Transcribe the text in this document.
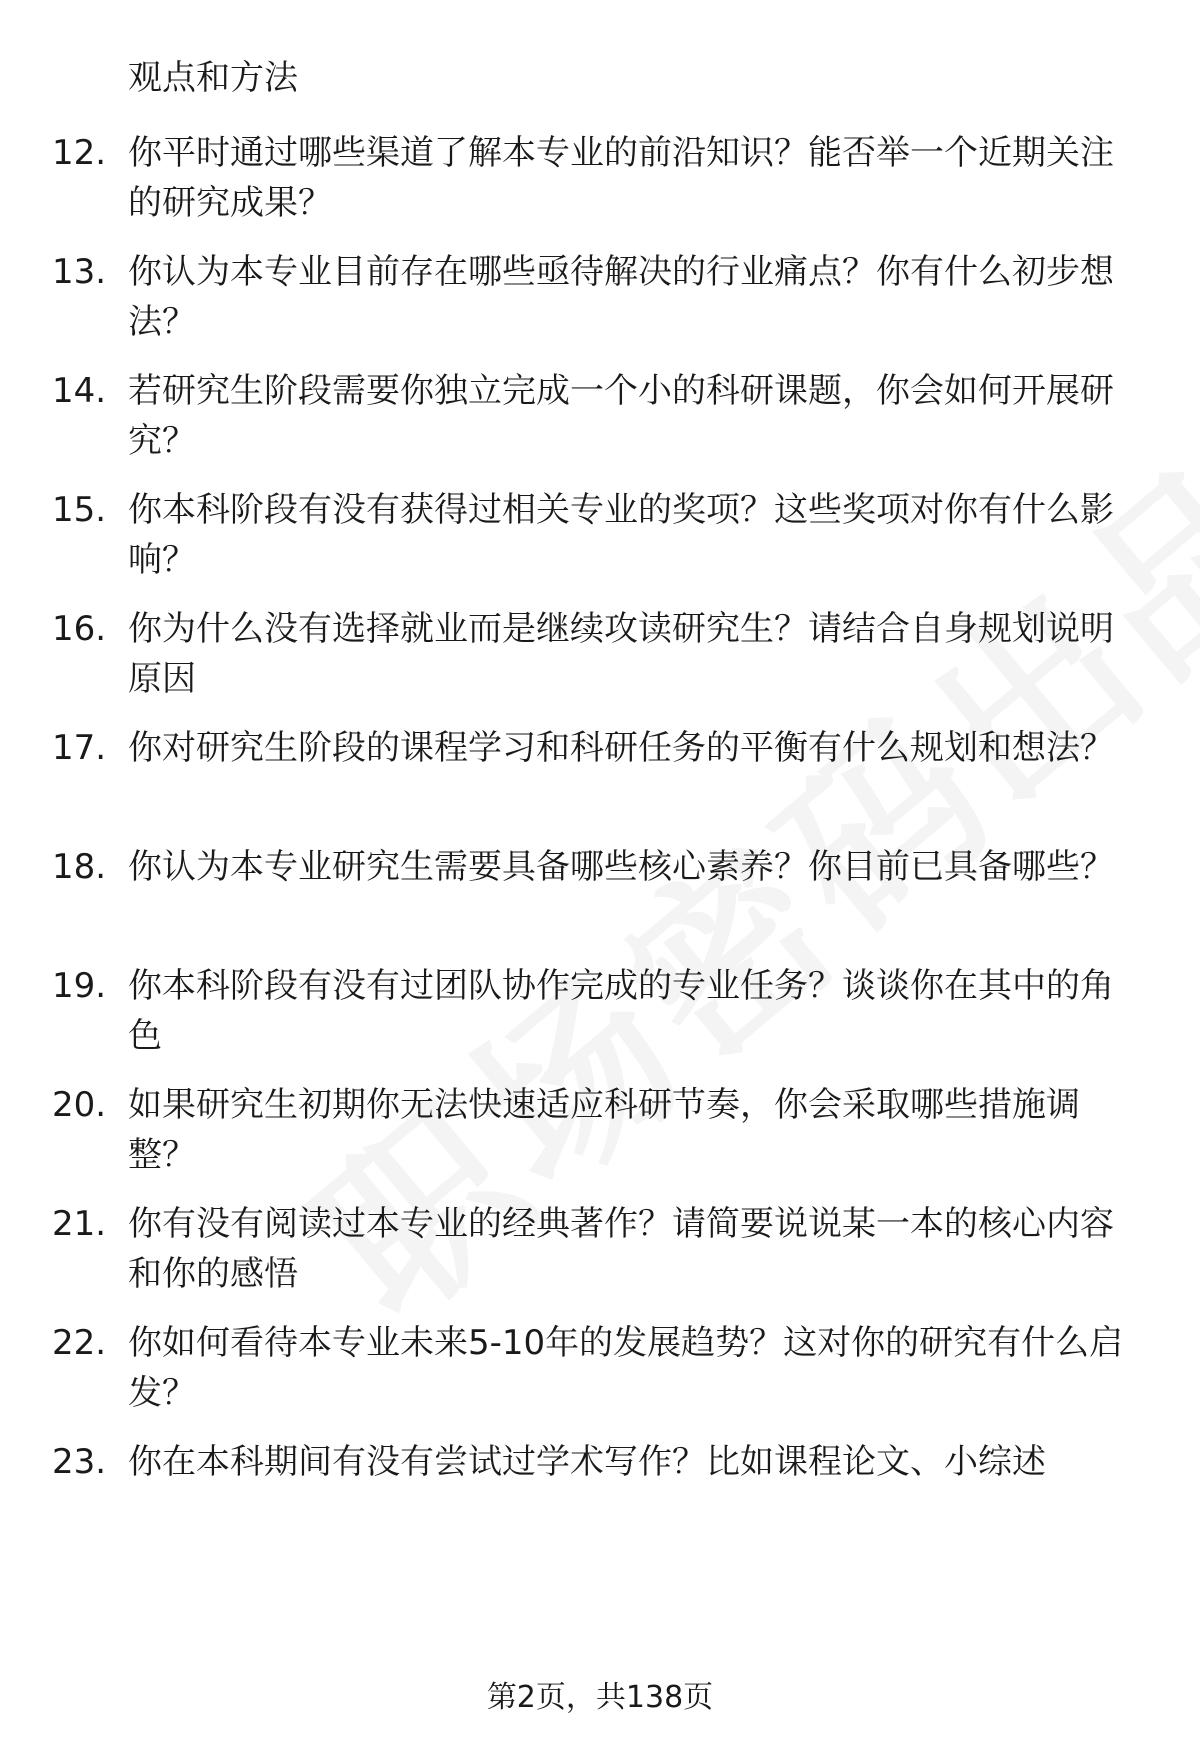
观点和方法
12. 你平时通过哪些渠道了解本专业的前沿知识？能否举一个近期关注的研究成果？
13. 你认为本专业目前存在哪些亟待解决的行业痛点？你有什么初步想法？
14. 若研究生阶段需要你独立完成一个小的科研课题，你会如何开展研究？
15. 你本科阶段有没有获得过相关专业的奖项？这些奖项对你有什么影响？
16. 你为什么没有选择就业而是继续攻读研究生？请结合自身规划说明原因
17. 你对研究生阶段的课程学习和科研任务的平衡有什么规划和想法？
18. 你认为本专业研究生需要具备哪些核心素养？你目前已具备哪些？
19. 你本科阶段有没有过团队协作完成的专业任务？谈谈你在其中的角色
20. 如果研究生初期你无法快速适应科研节奏，你会采取哪些措施调整？
21. 你有没有阅读过本专业的经典著作？请简要说说某一本的核心内容和你的感悟
22. 你如何看待本专业未来5-10年的发展趋势？这对你的研究有什么启发？
23. 你在本科期间有没有尝试过学术写作？比如课程论文、小综述
第2页，共138页
